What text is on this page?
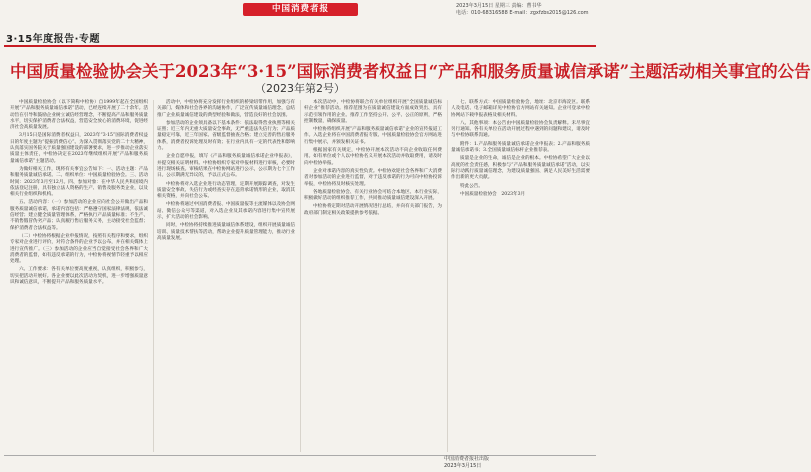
3·15年度报告·专题
中国消费者报	2023年3月15日 星期三 责编：曹书华
电话：010-68316588 E-mail：zgxfzbs2015@126.com
中国质量检验协会关于2023年“3·15”国际消费者权益日“产品和服务质量诚信承诺”主题活动相关事宜的公告
（2023年第2号）

中国质量检验协会（以下简称中检协）自1999年起在全国组织开展“产品和服务质量诚信承诺”活动，已经连续开展了二十余年。活动旨在引导和鼓励企业树立诚信经营理念，不断提高产品和服务质量水平，切实保护消费者合法权益，营造安全放心的消费环境，促进经济社会高质量发展。

3月15日是国际消费者权益日，2023年“3·15”国际消费者权益日的年度主题为“提振消费信心”。为深入贯彻落实党的二十大精神，认真落实国务院关于质量强国建设的部署要求，进一步推动企业落实质量主体责任，中检协决定在2023年继续组织开展“产品和服务质量诚信承诺”主题活动。

为做好相关工作，现将有关事宜公告如下：一、活动主题：产品和服务质量诚信承诺。二、组织单位：中国质量检验协会。三、活动时间：2023年3月至12月。四、参加对象：在中华人民共和国境内依法登记注册，具有独立法人资格的生产、销售及服务类企业，以及相关行业组织和机构。

五、活动内容：（一）参加活动的企业应向社会公开做出产品和服务质量诚信承诺，承诺内容包括：严格遵守国家法律法规，依法诚信经营；建立健全质量管理体系，严格执行产品质量标准；不生产、不销售假冒伪劣产品；认真履行售后服务义务，主动接受社会监督；保护消费者合法权益等。

（二）中检协将根据企业申报情况，按照有关程序和要求，组织专家对企业进行评价，对符合条件的企业予以公布，并在相关媒体上进行宣传推广。（三）参加活动的企业应当自觉接受社会各界和广大消费者的监督，如有违反承诺的行为，中检协将视情节轻重予以相应处理。

六、工作要求：各有关单位要高度重视，认真组织，积极参与，切实把活动开展好。各企业要以此次活动为契机，进一步增强质量意识和诚信意识，不断提升产品和服务质量水平。

活动中，中检协将充分发挥行业组织的桥梁纽带作用，加强与有关部门、媒体和社会各界的沟通协作，广泛宣传质量诚信理念，总结推广企业质量诚信建设的典型经验和做法，营造良好的社会氛围。

参加活动的企业须具备以下基本条件：依法取得营业执照等相关证照；近三年内无重大质量安全事故，无严重违法失信行为；产品质量稳定可靠，近三年国家、省级监督抽查合格；建立完善的售后服务体系，消费者投诉处理及时有效；在行业内具有一定的代表性和影响力。

企业自愿申报，填写《产品和服务质量诚信承诺企业申报表》，并提交相关证明材料。中检协组织专家对申报材料进行审核，必要时进行现场核查。审核结果在中检协网站进行公示，公示期为七个工作日。公示期满无异议的，予以正式公布。

中检协将对入选企业进行动态管理，定期开展跟踪调查，对发生质量安全事故、失信行为或经查实存在违背承诺情形的企业，取消其相关资格，并向社会公布。

中检协将通过中国消费者报、中国质量报等主流媒体以及协会网站、微信公众号等渠道，对入选企业及其承诺内容进行集中宣传展示，扩大活动的社会影响。

同时，中检协将持续推进质量诚信体系建设，组织开展质量诚信培训、质量技术帮扶等活动，帮助企业提升质量管理能力，推动行业高质量发展。

本次活动中，中检协将联合有关单位组织开展“全国质量诚信标杆企业”推荐活动。推荐范围为在质量诚信建设方面成效突出、具有示范引领作用的企业。推荐工作坚持公开、公平、公正的原则，严格控制数量，确保质量。

中检协将组织开展“产品和服务质量诚信承诺”企业的宣传报道工作。入选企业将在中国消费者报专版、中国质量检验协会官方网站进行集中展示，并颁发相关证书。

根据国家有关规定，中检协开展本次活动不向企业收取任何费用。如有单位或个人以中检协名义开展本次活动并收取费用，请及时向中检协举报。

企业对承诺内容的真实性负责。中检协欢迎社会各界和广大消费者对参加活动的企业进行监督，对于违反承诺的行为可向中检协投诉举报，中检协将及时核实处理。

各地质量检验协会、有关行业协会可结合本地区、本行业实际，积极做好活动的组织推荐工作，共同推动质量诚信建设深入开展。

中检协将定期对活动开展情况进行总结，并向有关部门报告，为政府部门制定相关政策提供参考依据。

七、联系方式：中国质量检验协会，地址：北京市海淀区。联系人及电话、电子邮箱详见中检协官方网站有关通知。企业可登录中检协网站下载申报表格及相关材料。

八、其他事项：本公告由中国质量检验协会负责解释。未尽事宜另行通知。各有关单位在活动开展过程中遇到的问题和建议，请及时与中检协联系沟通。

附件：1.产品和服务质量诚信承诺企业申报表；2.产品和服务质量诚信承诺书；3.全国质量诚信标杆企业推荐表。

质量是企业的生命，诚信是企业的根本。中检协希望广大企业以高度的社会责任感，积极参与“产品和服务质量诚信承诺”活动，以实际行动践行质量诚信理念，为建设质量强国、满足人民美好生活需要作出新的更大贡献。

特此公告。

中国质量检验协会　2023年3月

中国消费者报社出版
2023年3月15日
